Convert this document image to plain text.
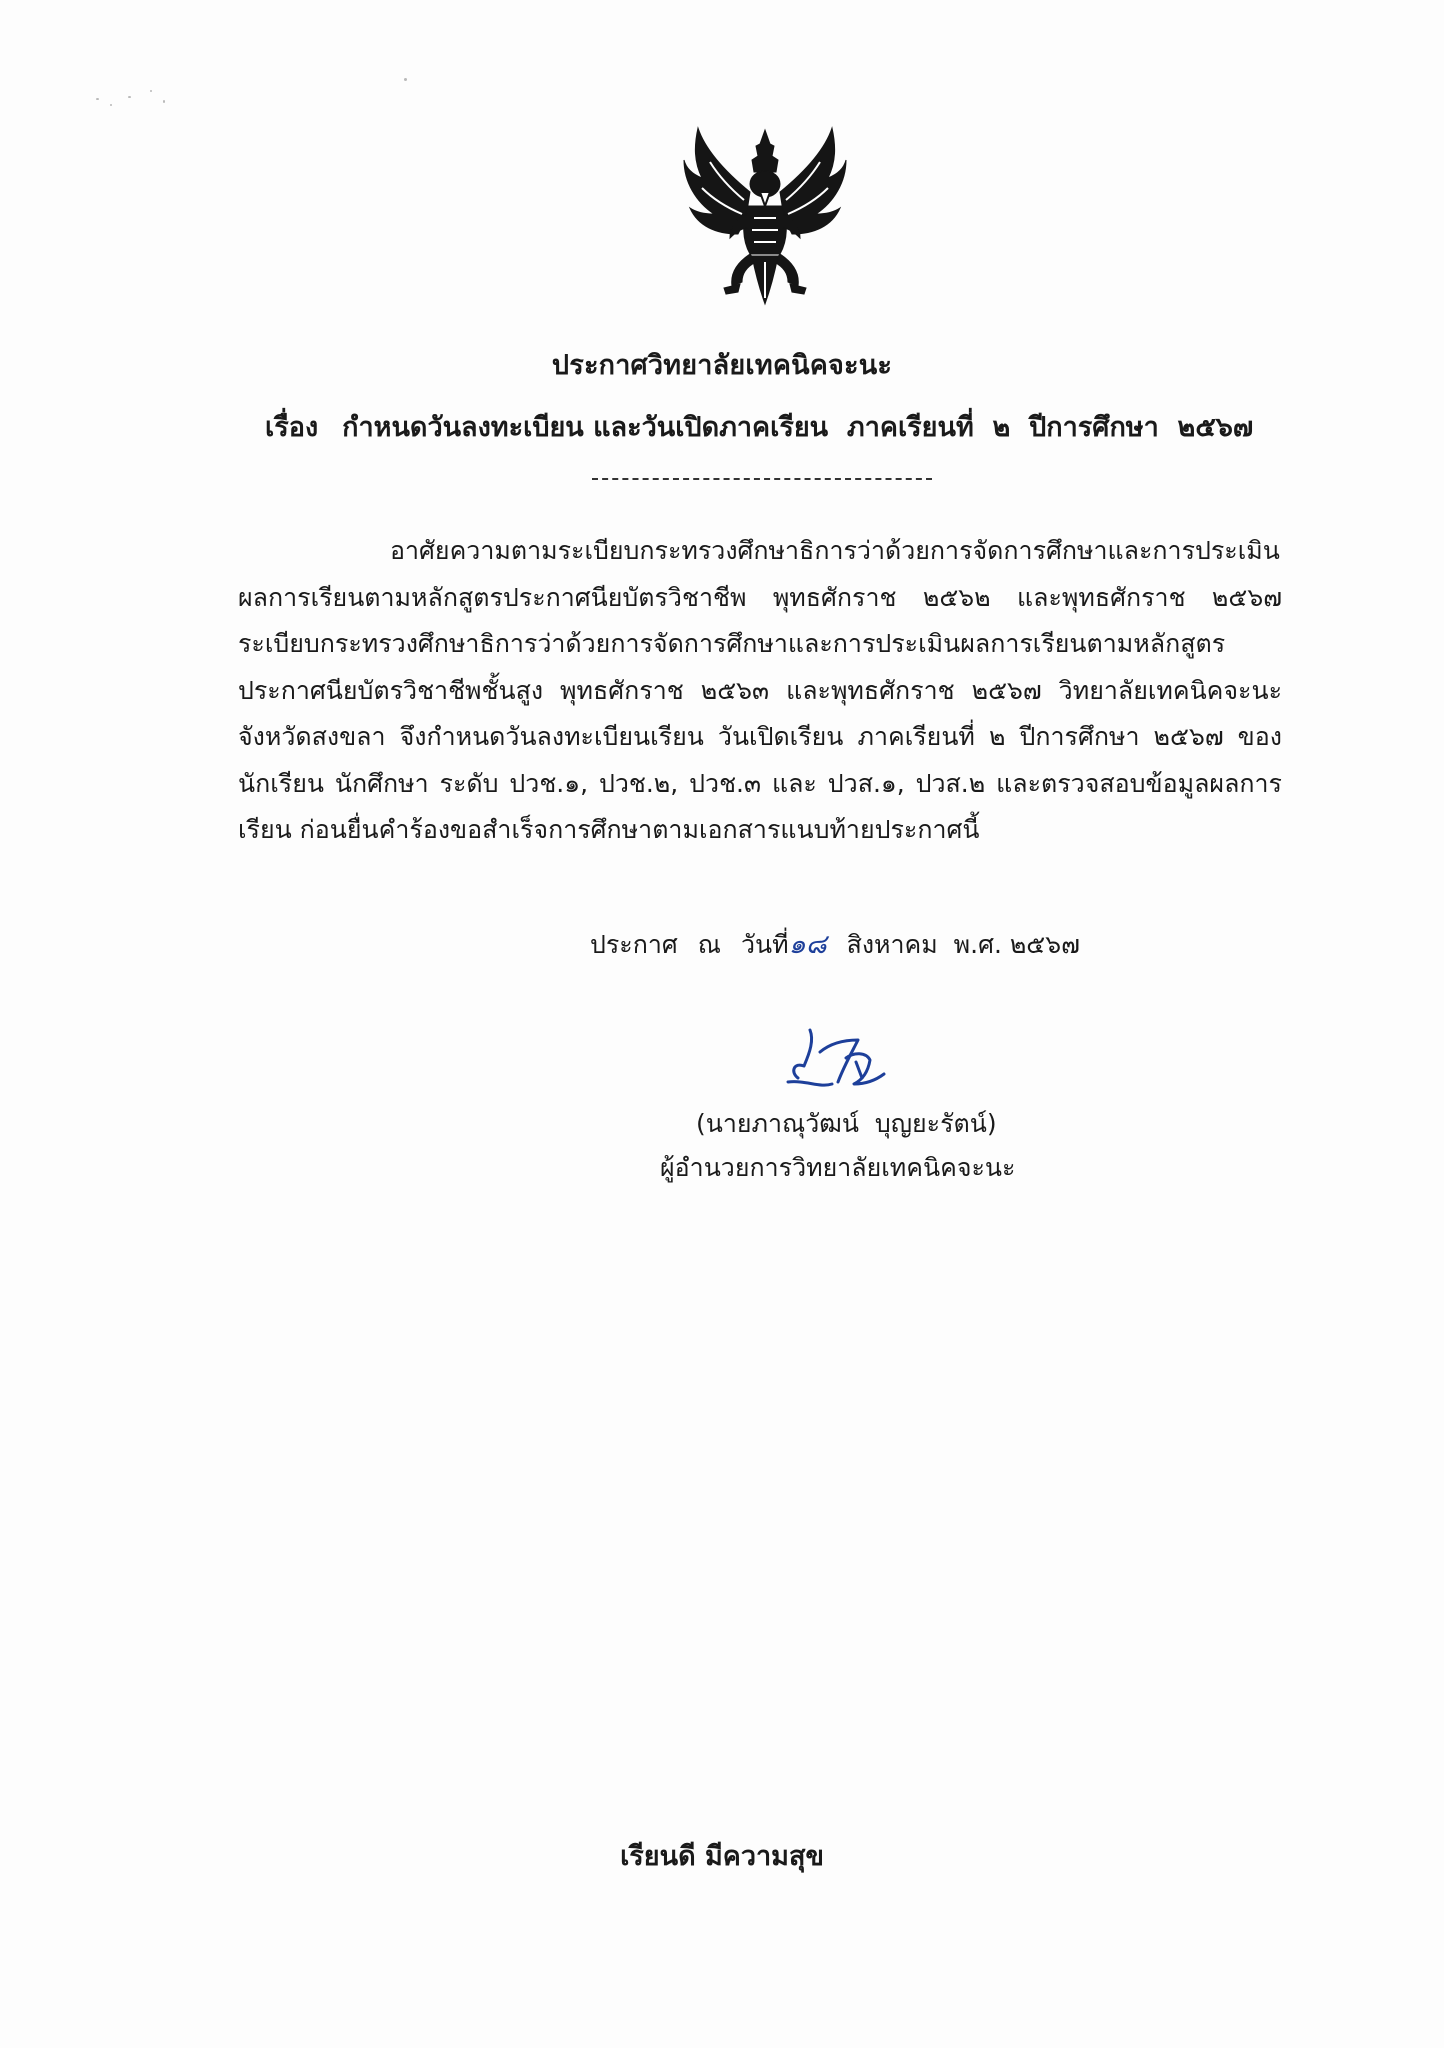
ประกาศวิทยาลัยเทคนิคจะนะ
เรื่อง กำหนดวันลงทะเบียน และวันเปิดภาคเรียน  ภาคเรียนที่  ๒  ปีการศึกษา  ๒๕๖๗

อาศัยความตามระเบียบกระทรวงศึกษาธิการว่าด้วยการจัดการศึกษาและการประเมินผลการเรียนตามหลักสูตรประกาศนียบัตรวิชาชีพ พุทธศักราช ๒๕๖๒ และพุทธศักราช ๒๕๖๗ ระเบียบกระทรวงศึกษาธิการว่าด้วยการจัดการศึกษาและการประเมินผลการเรียนตามหลักสูตรประกาศนียบัตรวิชาชีพชั้นสูง พุทธศักราช ๒๕๖๓ และพุทธศักราช ๒๕๖๗ วิทยาลัยเทคนิคจะนะ จังหวัดสงขลา จึงกำหนดวันลงทะเบียนเรียน วันเปิดเรียน ภาคเรียนที่ ๒ ปีการศึกษา ๒๕๖๗ ของนักเรียน นักศึกษา ระดับ ปวช.๑, ปวช.๒, ปวช.๓ และ ปวส.๑, ปวส.๒ และตรวจสอบข้อมูลผลการเรียน ก่อนยื่นคำร้องขอสำเร็จการศึกษาตามเอกสารแนบท้ายประกาศนี้

ประกาศ ณ วันที่๑๘ สิงหาคม  พ.ศ. ๒๕๖๗
(นายภาณุวัฒน์  บุญยะรัตน์)
ผู้อำนวยการวิทยาลัยเทคนิคจะนะ
เรียนดี มีความสุข
